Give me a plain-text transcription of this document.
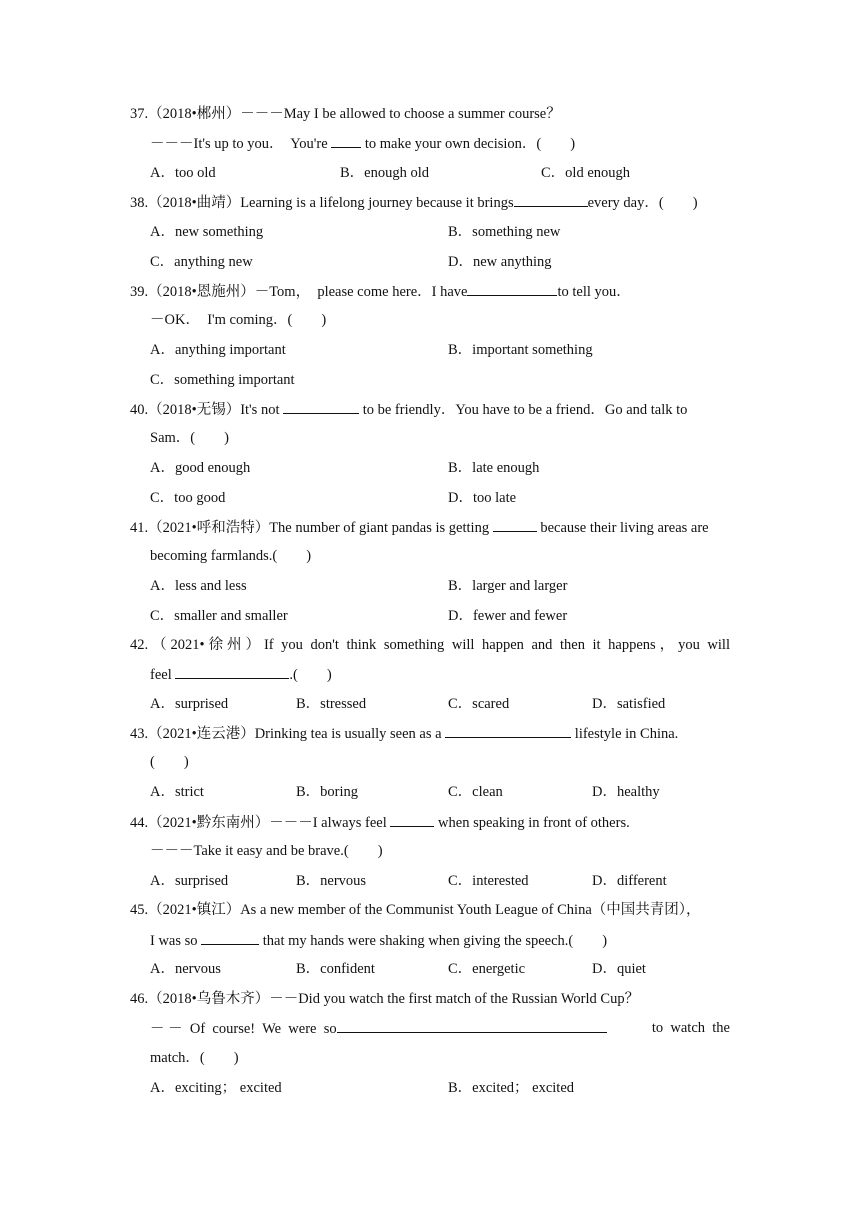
37.（2018•郴州）－－－May I be allowed to choose a summer course？
－－－It's up to you．  You're  to make your own decision．(　　)
A．too old	B．enough old	C．old enough
38.（2018•曲靖）Learning is a lifelong journey because it brings	every day．(　　)
A．new something	B．something new
C．anything new	D．new anything
39.（2018•恩施州）－Tom，  please come here．I have	to tell you．
－OK．  I'm coming．(　　)
A．anything important	B．important something
C．something important
40.（2018•无锡）It's not	to be friendly．You have to be a friend．Go and talk to
Sam．(　　)
A．good enough	B．late enough
C．too good	D．too late
41.（2021•呼和浩特）The number of giant pandas is getting	because their living areas are
becoming farmlands.(　　)
A．less and less	B．larger and larger
C．smaller and smaller	D．fewer and fewer
42.（2021•徐州）If you don't think something will happen and then it happens，you will
feel	.(　　)
A．surprised	B．stressed	C．scared	D．satisfied
43.（2021•连云港）Drinking tea is usually seen as a	lifestyle in China.
(　　)
A．strict	B．boring	C．clean	D．healthy
44.（2021•黔东南州）－－－I always feel	when speaking in front of others.
－－－Take it easy and be brave.(　　)
A．surprised	B．nervous	C．interested	D．different
45.（2021•镇江）As a new member of the Communist Youth League of China（中国共青团），
I was so	that my hands were shaking when giving the speech.(　　)
A．nervous	B．confident	C．energetic	D．quiet
46.（2018•乌鲁木齐）－－Did you watch the first match of the Russian World Cup？
－ －  Of  course!  We  were  so	to  watch  the
match．(　　)
A．exciting； excited	B．excited； excited
